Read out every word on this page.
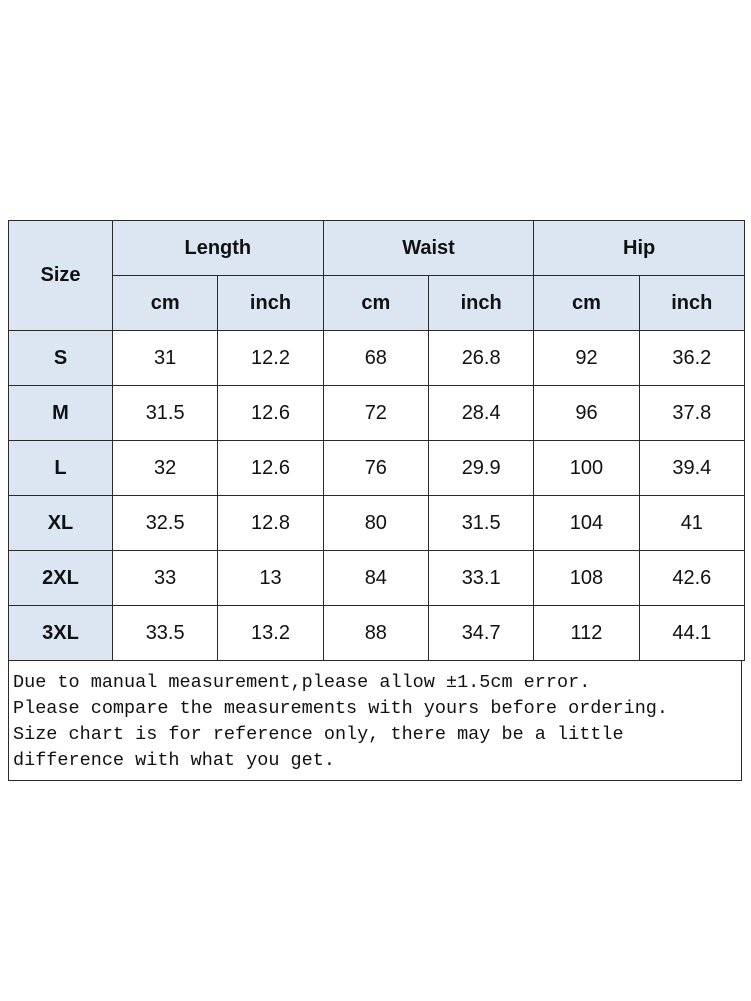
Size	Length		Waist		Hip	
	cm	inch	cm	inch	cm	inch
S	31	12.2	68	26.8	92	36.2
M	31.5	12.6	72	28.4	96	37.8
L	32	12.6	76	29.9	100	39.4
XL	32.5	12.8	80	31.5	104	41
2XL	33	13	84	33.1	108	42.6
3XL	33.5	13.2	88	34.7	112	44.1
Due to manual measurement,please allow ±1.5cm error.
Please compare the measurements with yours before ordering.
Size chart is for reference only, there may be a little
difference with what you get.
